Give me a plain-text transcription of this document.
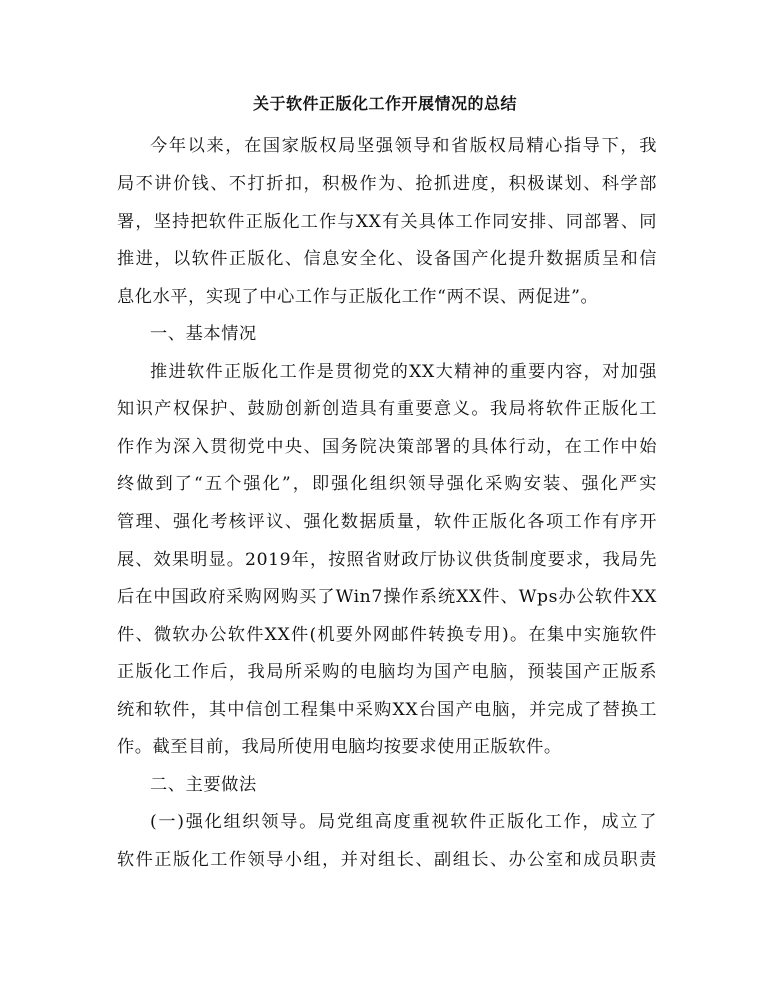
关于软件正版化工作开展情况的总结
今年以来，在国家版权局坚强领导和省版权局精心指导下，我
局不讲价钱、不打折扣，积极作为、抢抓进度，积极谋划、科学部
署，坚持把软件正版化工作与XX有关具体工作同安排、同部署、同
推进，以软件正版化、信息安全化、设备国产化提升数据质呈和信
息化水平，实现了中心工作与正版化工作“两不误、两促进”。
一、基本情况
推进软件正版化工作是贯彻党的XX大精神的重要内容，对加强
知识产权保护、鼓励创新创造具有重要意义。我局将软件正版化工
作作为深入贯彻党中央、国务院决策部署的具体行动，在工作中始
终做到了“五个强化”，即强化组织领导强化采购安装、强化严实
管理、强化考核评议、强化数据质量，软件正版化各项工作有序开
展、效果明显。2019年，按照省财政厅协议供货制度要求，我局先
后在中国政府采购网购买了Win7操作系统XX件、Wps办公软件XX
件、微软办公软件XX件(机要外网邮件转换专用)。在集中实施软件
正版化工作后，我局所采购的电脑均为国产电脑，预装国产正版系
统和软件，其中信创工程集中采购XX台国产电脑，并完成了替换工
作。截至目前，我局所使用电脑均按要求使用正版软件。
二、主要做法
(一)强化组织领导。局党组高度重视软件正版化工作，成立了
软件正版化工作领导小组，并对组长、副组长、办公室和成员职责
